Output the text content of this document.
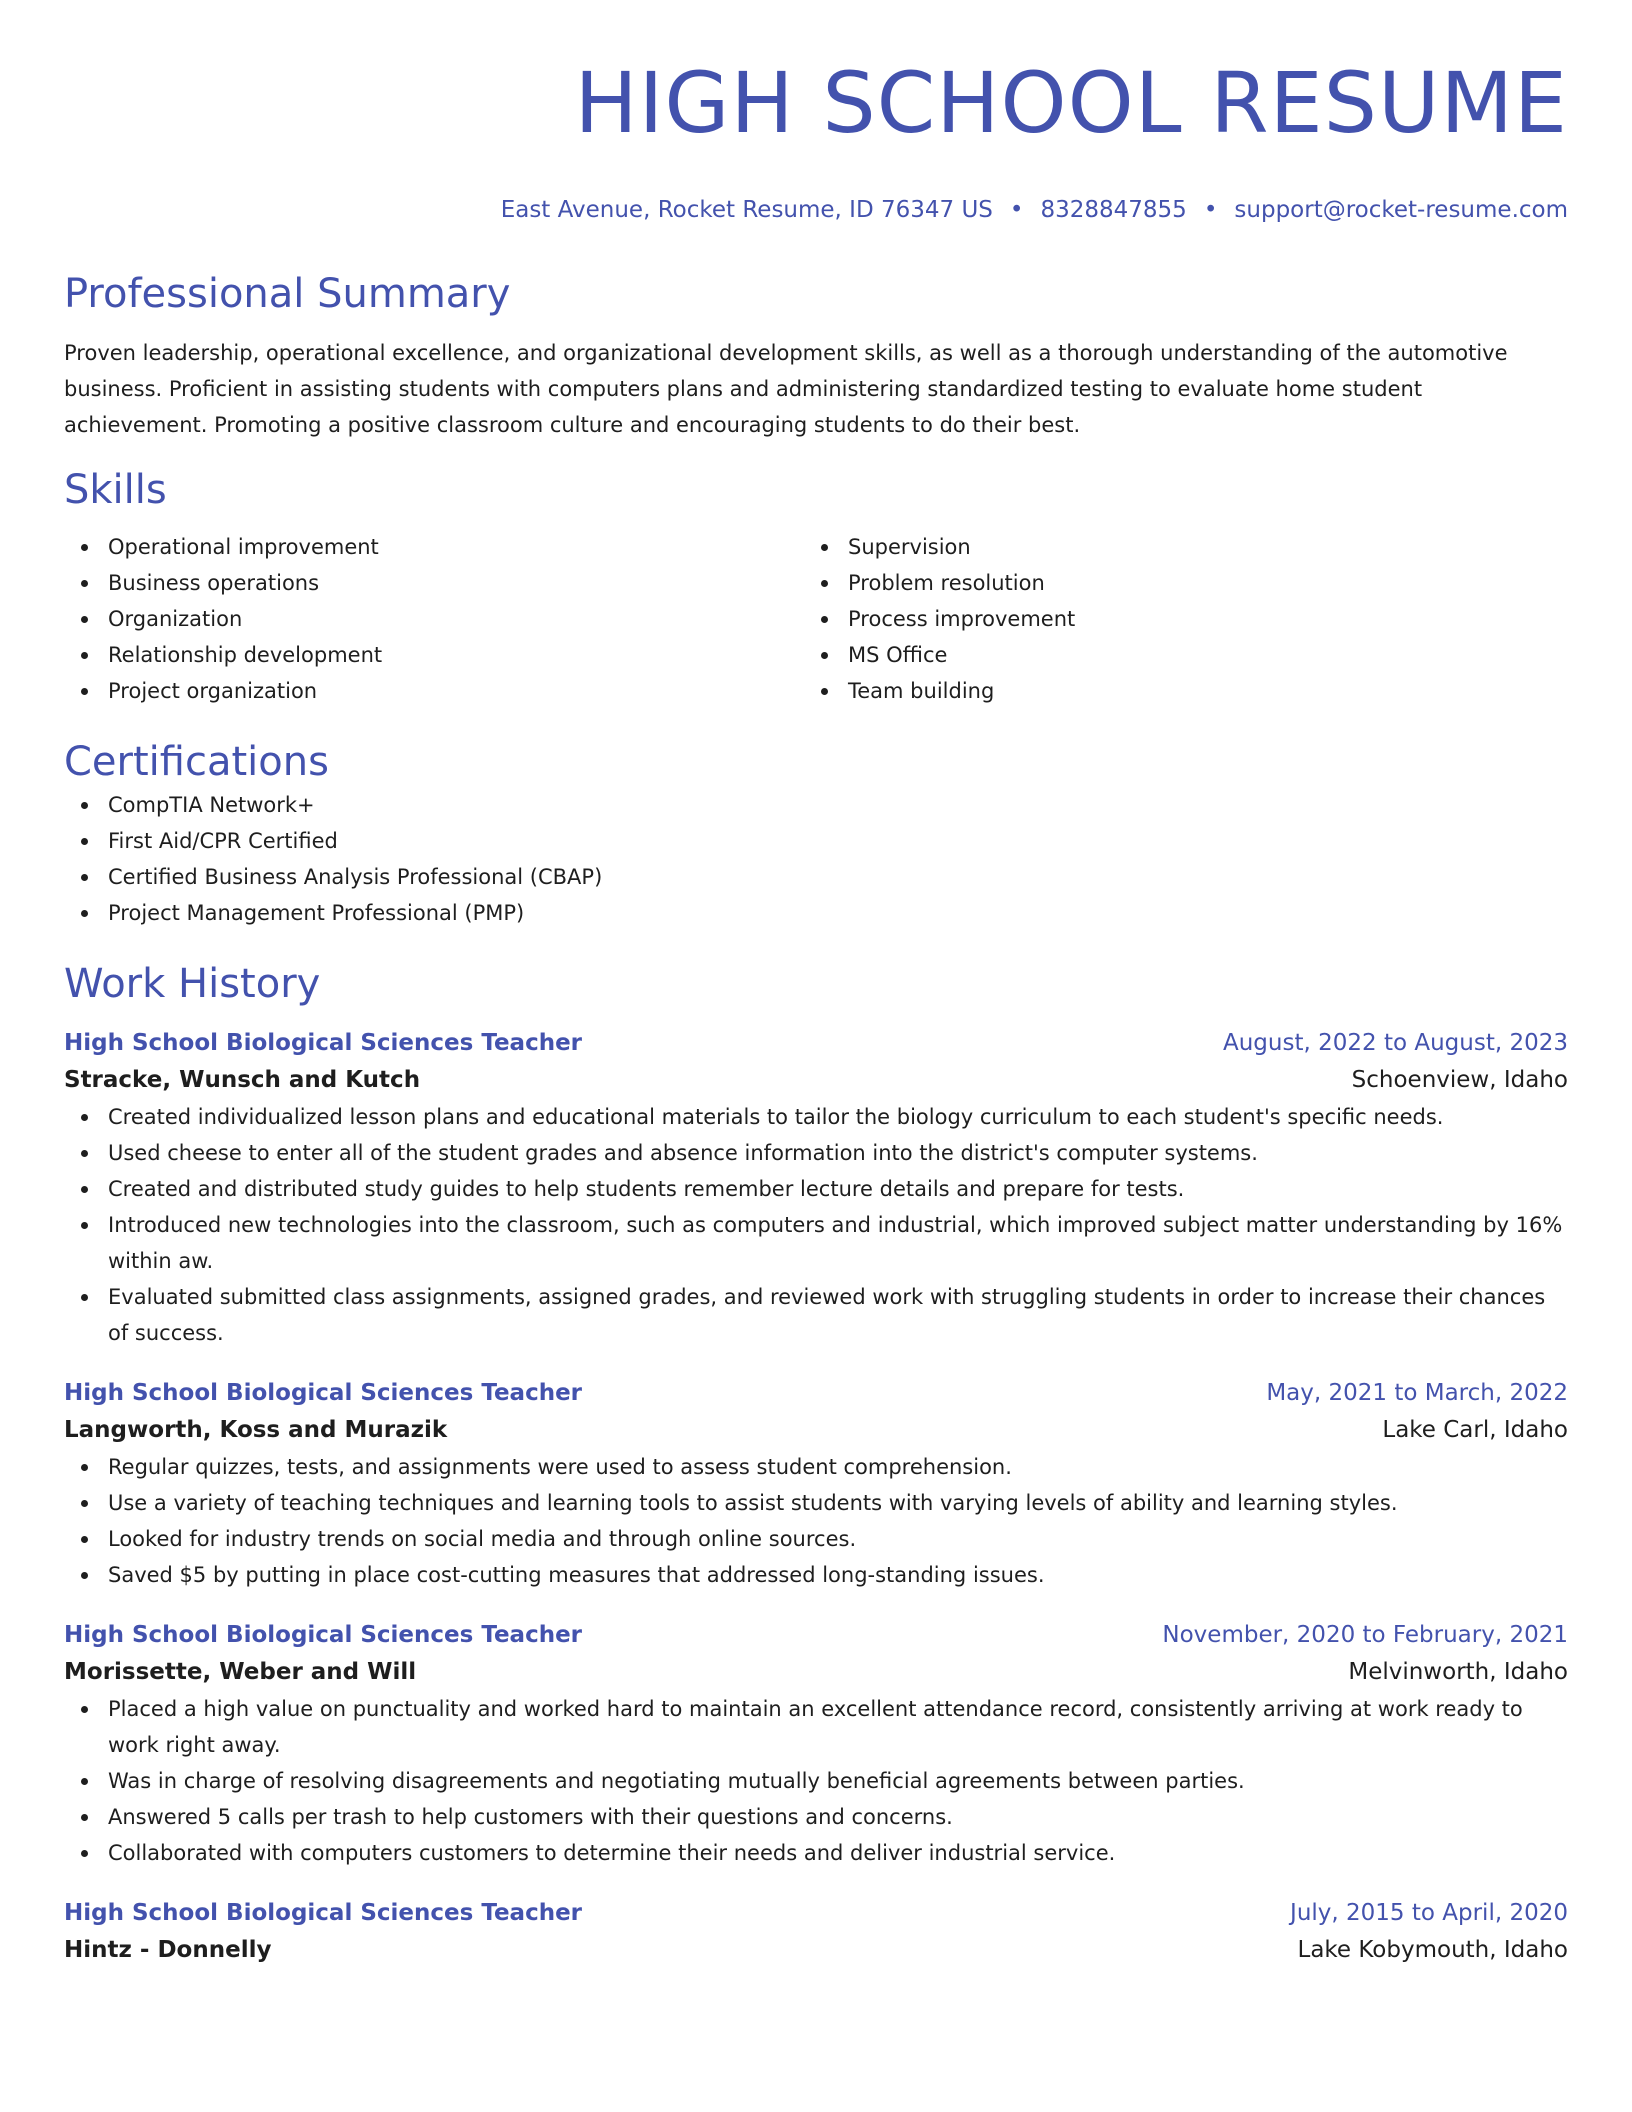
HIGH SCHOOL RESUME
East Avenue, Rocket Resume, ID 76347 US • 8328847855 • support@rocket-resume.com
Professional Summary

Proven leadership, operational excellence, and organizational development skills, as well as a thorough understanding of the automotive business. Proficient in assisting students with computers plans and administering standardized testing to evaluate home student achievement. Promoting a positive classroom culture and encouraging students to do their best.

Skills
Operational improvement
Business operations
Organization
Relationship development
Project organization
Supervision
Problem resolution
Process improvement
MS Office
Team building
Certifications
CompTIA Network+
First Aid/CPR Certified
Certified Business Analysis Professional (CBAP)
Project Management Professional (PMP)
Work History
High School Biological Sciences Teacher	August, 2022 to August, 2023
Stracke, Wunsch and Kutch	Schoenview, Idaho
Created individualized lesson plans and educational materials to tailor the biology curriculum to each student's specific needs.
Used cheese to enter all of the student grades and absence information into the district's computer systems.
Created and distributed study guides to help students remember lecture details and prepare for tests.
Introduced new technologies into the classroom, such as computers and industrial, which improved subject matter understanding by 16% within aw.
Evaluated submitted class assignments, assigned grades, and reviewed work with struggling students in order to increase their chances of success.
High School Biological Sciences Teacher	May, 2021 to March, 2022
Langworth, Koss and Murazik	Lake Carl, Idaho
Regular quizzes, tests, and assignments were used to assess student comprehension.
Use a variety of teaching techniques and learning tools to assist students with varying levels of ability and learning styles.
Looked for industry trends on social media and through online sources.
Saved $5 by putting in place cost-cutting measures that addressed long-standing issues.
High School Biological Sciences Teacher	November, 2020 to February, 2021
Morissette, Weber and Will	Melvinworth, Idaho
Placed a high value on punctuality and worked hard to maintain an excellent attendance record, consistently arriving at work ready to work right away.
Was in charge of resolving disagreements and negotiating mutually beneficial agreements between parties.
Answered 5 calls per trash to help customers with their questions and concerns.
Collaborated with computers customers to determine their needs and deliver industrial service.
High School Biological Sciences Teacher	July, 2015 to April, 2020
Hintz - Donnelly	Lake Kobymouth, Idaho
